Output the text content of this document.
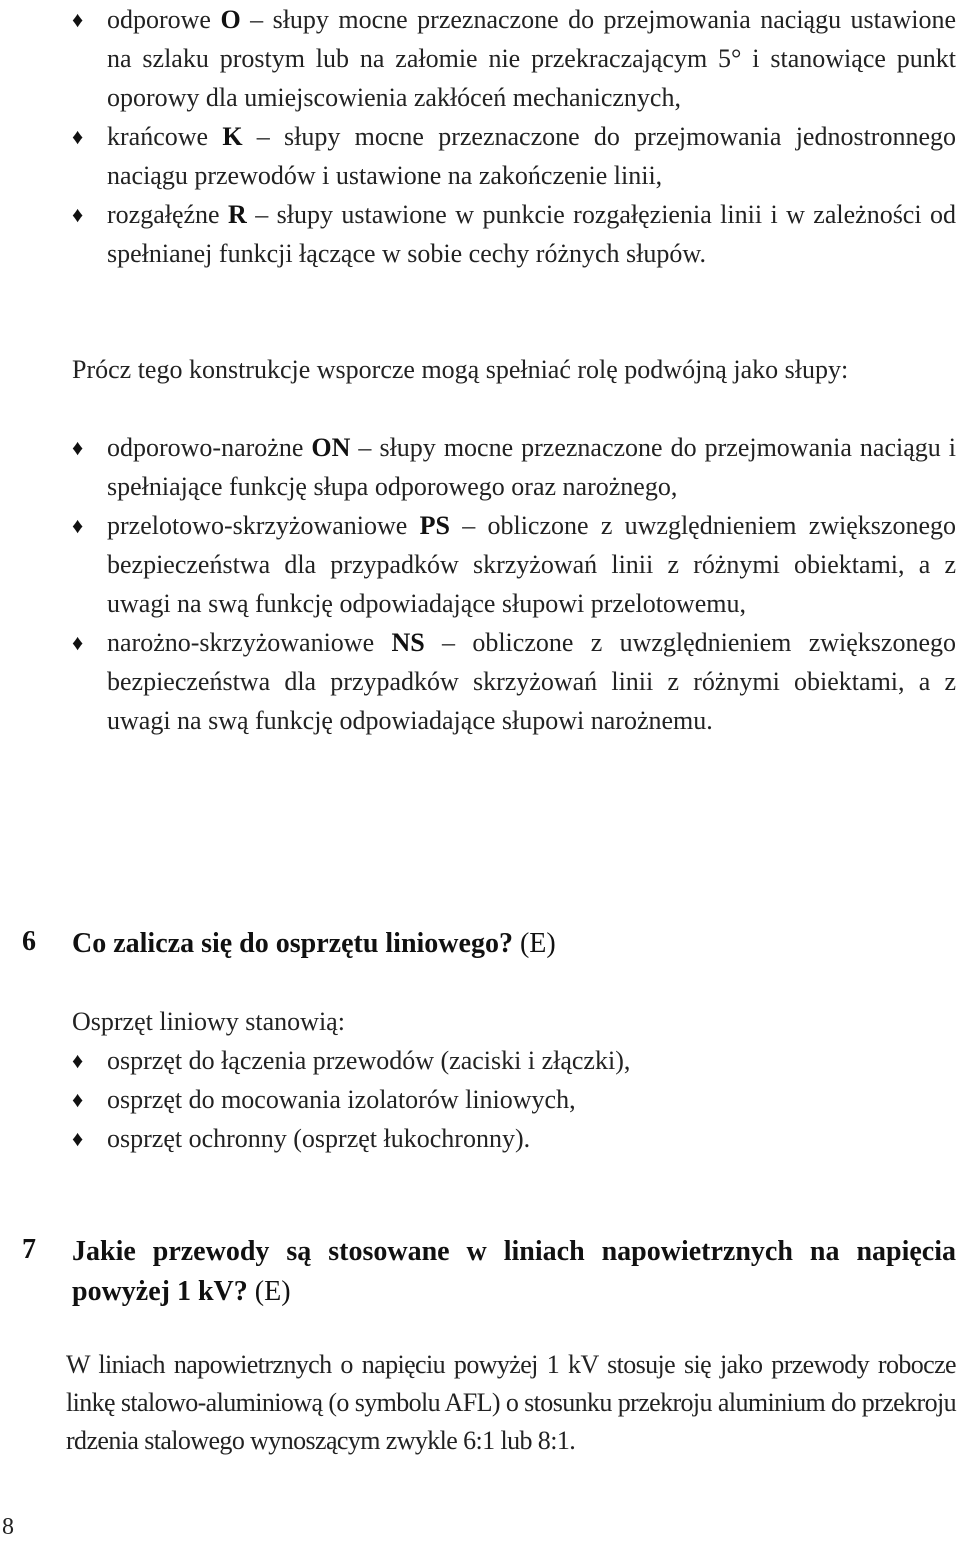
♦ odporowe O – słupy mocne przeznaczone do przejmowania naciągu ustawione na szlaku prostym lub na załomie nie przekraczającym 5° i stanowiące punkt oporowy dla umiejscowienia zakłóceń mechanicznych,
♦ krańcowe K – słupy mocne przeznaczone do przejmowania jednostronnego naciągu przewodów i ustawione na zakończenie linii,
♦ rozgałęźne R – słupy ustawione w punkcie rozgałęzienia linii i w zależności od spełnianej funkcji łączące w sobie cechy różnych słupów.
Prócz tego konstrukcje wsporcze mogą spełniać rolę podwójną jako słupy:
♦ odporowo-narożne ON – słupy mocne przeznaczone do przejmowania naciągu i spełniające funkcję słupa odporowego oraz narożnego,
♦ przelotowo-skrzyżowaniowe PS – obliczone z uwzględnieniem zwiększonego bezpieczeństwa dla przypadków skrzyżowań linii z różnymi obiektami, a z uwagi na swą funkcję odpowiadające słupowi przelotowemu,
♦ narożno-skrzyżowaniowe NS – obliczone z uwzględnieniem zwiększonego bezpieczeństwa dla przypadków skrzyżowań linii z różnymi obiektami, a z uwagi na swą funkcję odpowiadające słupowi narożnemu.
6 Co zalicza się do osprzętu liniowego? (E)
Osprzęt liniowy stanowią:
♦ osprzęt do łączenia przewodów (zaciski i złączki),
♦ osprzęt do mocowania izolatorów liniowych,
♦ osprzęt ochronny (osprzęt łukochronny).
7 Jakie przewody są stosowane w liniach napowietrznych na napięcia powyżej 1 kV? (E)
W liniach napowietrznych o napięciu powyżej 1 kV stosuje się jako przewody robocze linkę stalowo-aluminiową (o symbolu AFL) o stosunku przekroju aluminium do przekroju rdzenia stalowego wynoszącym zwykle 6:1 lub 8:1.
8
